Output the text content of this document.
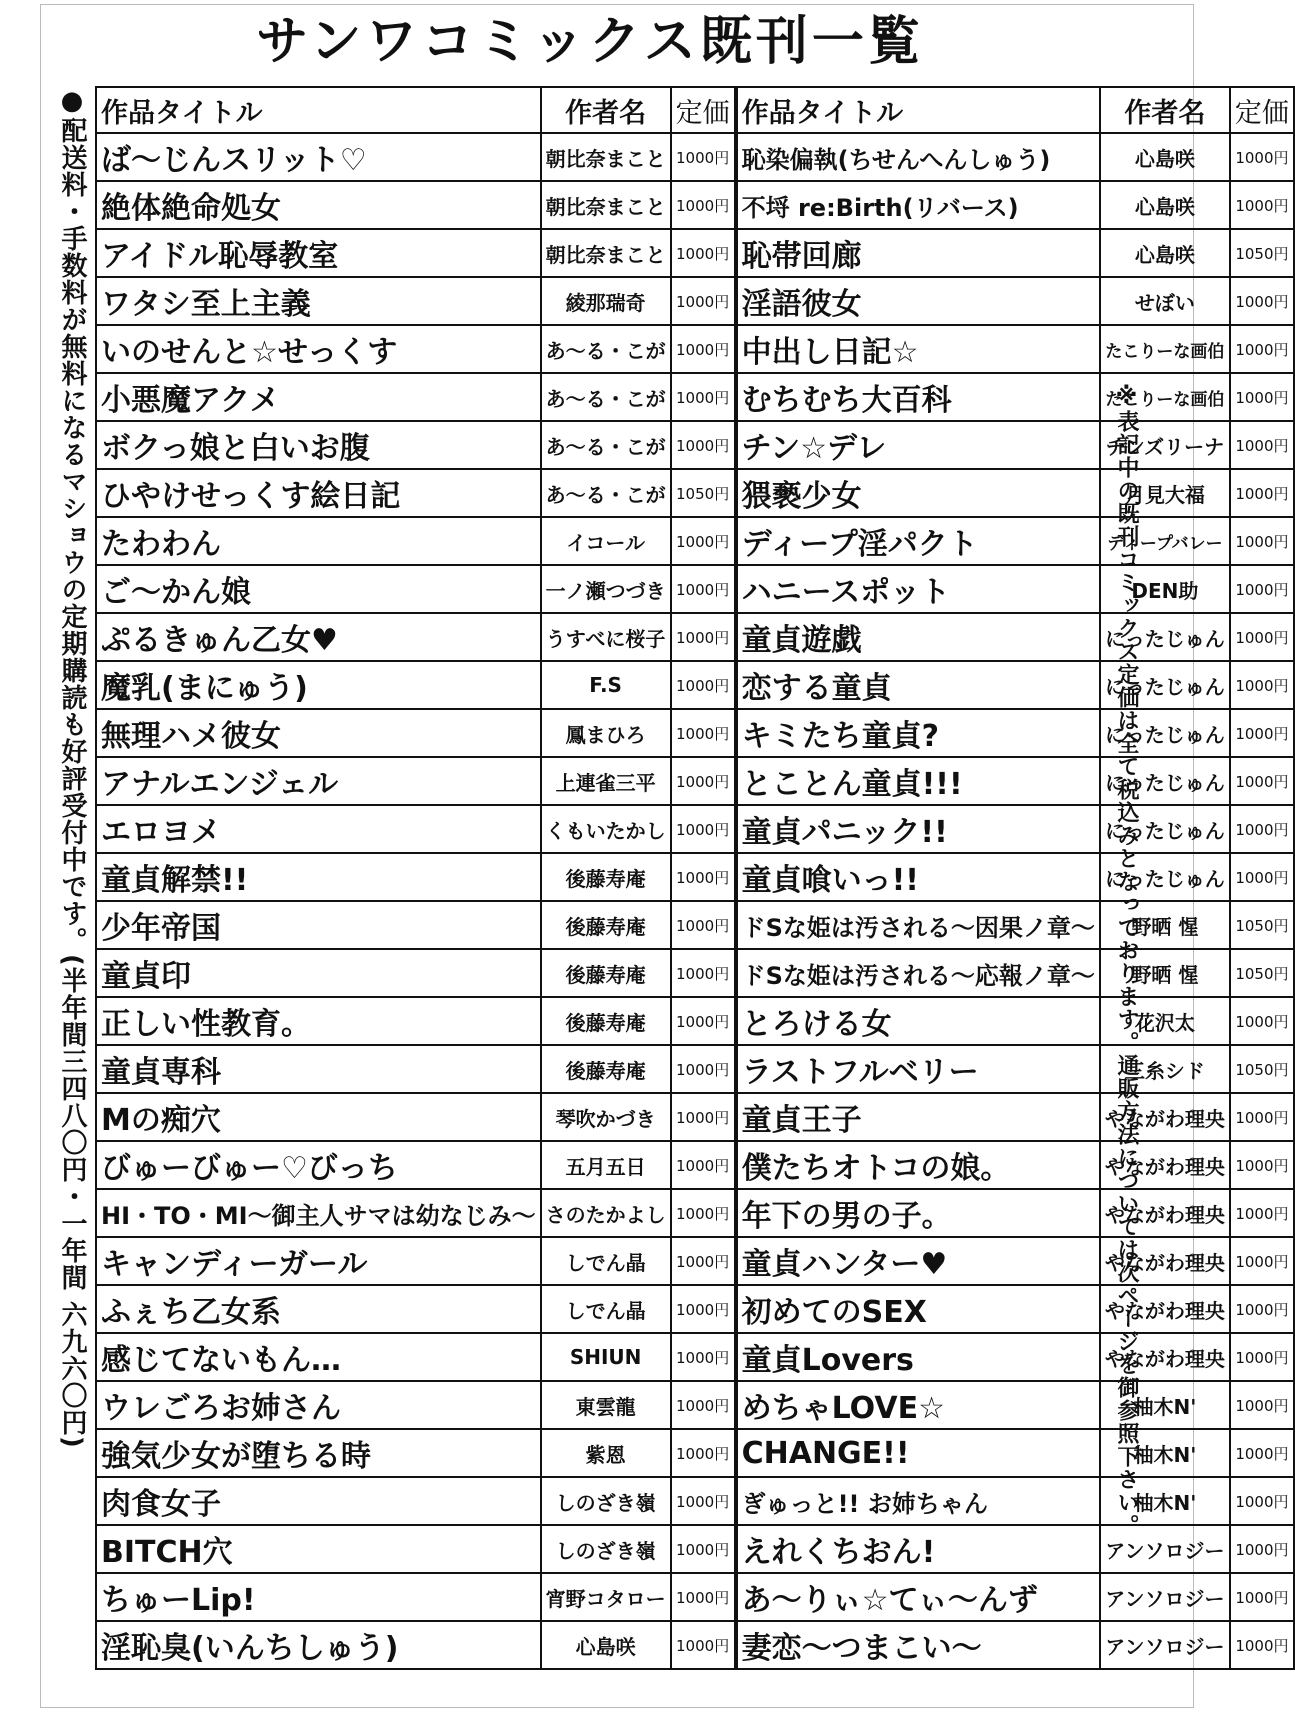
サンワコミックス既刊一覧
●配送料・手数料が無料になるマショウの定期購読も好評受付中です。(半年間三四八〇円・一年間 六九六〇円) 作品タイトル	作者名	定価	作品タイトル	作者名	定価
ば〜じんスリット♡	朝比奈まこと	1000円	恥染偏執(ちせんへんしゅう)	心島咲	1000円
絶体絶命処女	朝比奈まこと	1000円	不埒 re:Birth(リバース)	心島咲	1000円
アイドル恥辱教室	朝比奈まこと	1000円	恥帯回廊	心島咲	1050円
ワタシ至上主義	綾那瑞奇	1000円	淫語彼女	せぼい	1000円
いのせんと☆せっくす	あ〜る・こが	1000円	中出し日記☆	たこりーな画伯	1000円
小悪魔アクメ	あ〜る・こが	1000円	むちむち大百科	たこりーな画伯	1000円
ボクっ娘と白いお腹	あ〜る・こが	1000円	チン☆デレ	チンズリーナ	1000円
ひやけせっくす絵日記	あ〜る・こが	1050円	猥褻少女	月見大福	1000円
たわわん	イコール	1000円	ディープ淫パクト	ディープバレー	1000円
ご〜かん娘	一ノ瀬つづき	1000円	ハニースポット	DEN助	1000円
ぷるきゅん乙女♥	うすべに桜子	1000円	童貞遊戯	にったじゅん	1000円
魔乳(まにゅう)	F.S	1000円	恋する童貞	にったじゅん	1000円
無理ハメ彼女	鳳まひろ	1000円	キミたち童貞?	にったじゅん	1000円
アナルエンジェル	上連雀三平	1000円	とことん童貞!!!	にったじゅん	1000円
エロヨメ	くもいたかし	1000円	童貞パニック!!	にったじゅん	1000円
童貞解禁!!	後藤寿庵	1000円	童貞喰いっ!!	にったじゅん	1000円
少年帝国	後藤寿庵	1000円	ドSな姫は汚される〜因果ノ章〜	野晒 惺	1050円
童貞印	後藤寿庵	1000円	ドSな姫は汚される〜応報ノ章〜	野晒 惺	1050円
正しい性教育。	後藤寿庵	1000円	とろける女	花沢太	1000円
童貞専科	後藤寿庵	1000円	ラストフルベリー	三糸シド	1050円
Mの痴穴	琴吹かづき	1000円	童貞王子	やながわ理央	1000円
びゅーびゅー♡びっち	五月五日	1000円	僕たちオトコの娘。	やながわ理央	1000円
HI・TO・MI〜御主人サマは幼なじみ〜	さのたかよし	1000円	年下の男の子。	やながわ理央	1000円
キャンディーガール	しでん晶	1000円	童貞ハンター♥	やながわ理央	1000円
ふぇち乙女系	しでん晶	1000円	初めてのSEX	やながわ理央	1000円
感じてないもん…	SHIUN	1000円	童貞Lovers	やながわ理央	1000円
ウレごろお姉さん	東雲龍	1000円	めちゃLOVE☆	柚木N'	1000円
強気少女が堕ちる時	紫恩	1000円	CHANGE!!	柚木N'	1000円
肉食女子	しのざき嶺	1000円	ぎゅっと!! お姉ちゃん	柚木N'	1000円
BITCH穴	しのざき嶺	1000円	えれくちおん!	アンソロジー	1000円
ちゅーLip!	宵野コタロー	1000円	あ〜りぃ☆てぃ〜んず	アンソロジー	1000円
淫恥臭(いんちしゅう)	心島咲	1000円	妻恋〜つまこい〜	アンソロジー	1000円
※表記中の既刊コミックス定価は全て税込みとなっております。通販方法については次ページを御参照下さい。
